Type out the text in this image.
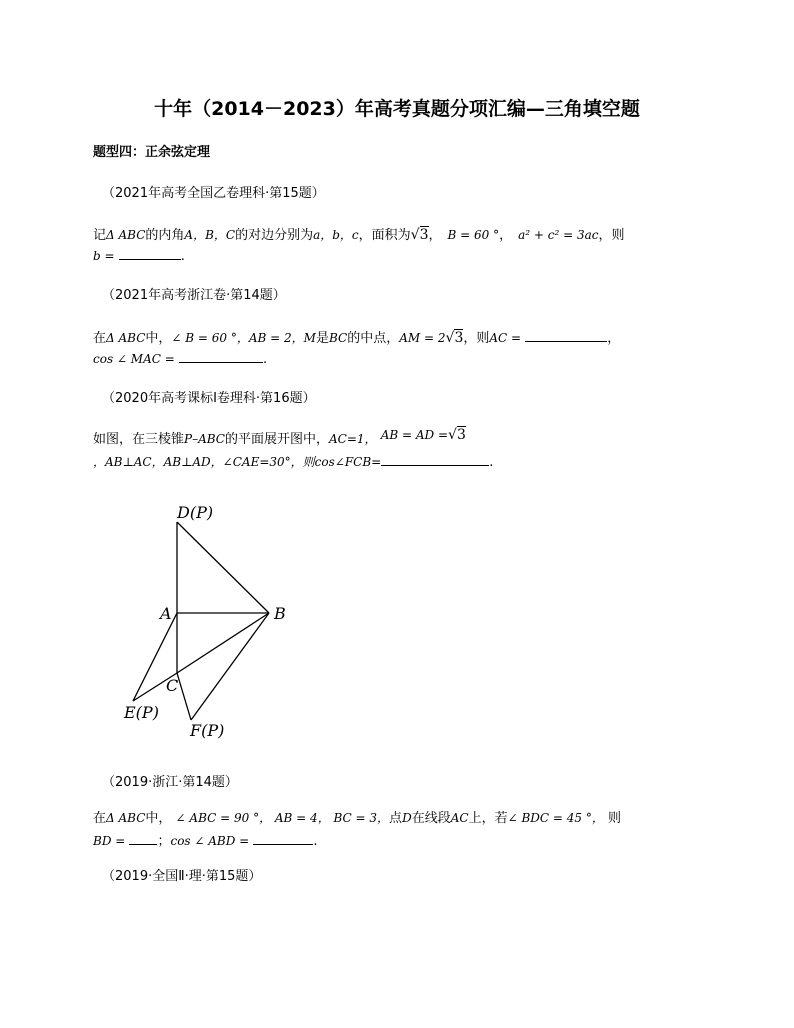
十年（2014－2023）年高考真题分项汇编—三角填空题
题型四：正余弦定理
（2021年高考全国乙卷理科·第15题）
记Δ ABC的内角A，B，C的对边分别为a，b，c，面积为√3， B = 60 °， a² + c² = 3ac，则
b =	.
（2021年高考浙江卷·第14题）
在Δ ABC中，∠ B = 60 °，AB = 2，M是BC的中点，AM = 2√3，则AC =	，
cos ∠ MAC =	.
（2020年高考课标Ⅰ卷理科·第16题）
如图，在三棱锥P–ABC的平面展开图中，AC=1， AB = AD =√3
，AB⊥AC，AB⊥AD，∠CAE=30°，则cos∠FCB=	.
D(P)
A	B
C
E(P)
F(P)
（2019·浙江·第14题）
在Δ ABC中， ∠ ABC = 90 °， AB = 4， BC = 3，点D在线段AC上，若∠ BDC = 45 °， 则
BD = ；cos ∠ ABD =	.
（2019·全国Ⅱ·理·第15题）
